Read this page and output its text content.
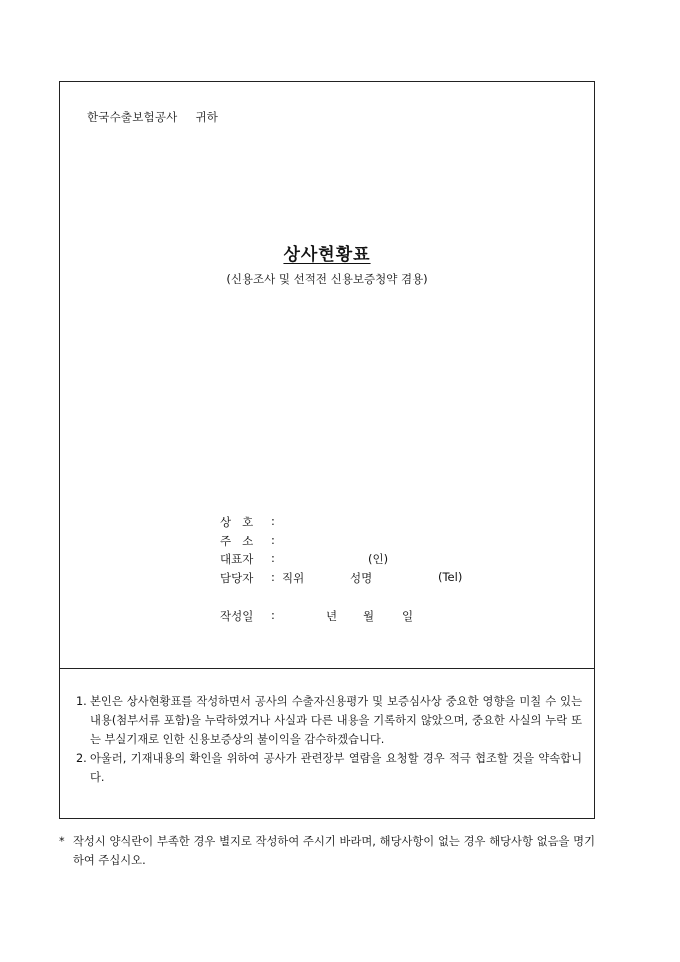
한국수출보험공사 귀하
상사현황표
(신용조사 및 선적전 신용보증청약 겸용)
상호 :
주소 :
대표자	:	(인)
담당자	: 직위	성명	(Tel)
작성일	:	년 월 일
1. 본인은 상사현황표를 작성하면서 공사의 수출자신용평가 및 보증심사상 중요한 영향을 미칠 수 있는 내용(첨부서류 포함)을 누락하였거나 사실과 다른 내용을 기록하지 않았으며, 중요한 사실의 누락 또는 부실기재로 인한 신용보증상의 불이익을 감수하겠습니다.
2. 아울러, 기재내용의 확인을 위하여 공사가 관련장부 열람을 요청할 경우 적극 협조할 것을 약속합니다.
* 작성시 양식란이 부족한 경우 별지로 작성하여 주시기 바라며, 해당사항이 없는 경우 해당사항 없음을 명기하여 주십시오.
